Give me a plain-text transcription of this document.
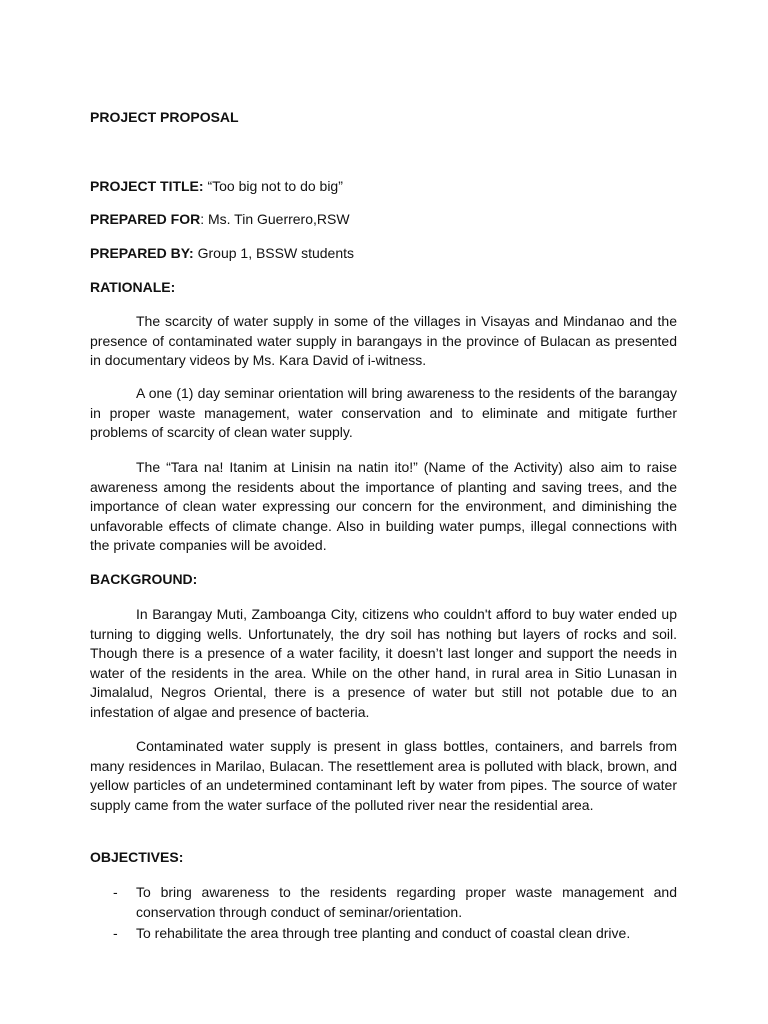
PROJECT PROPOSAL

PROJECT TITLE: “Too big not to do big”

PREPARED FOR: Ms. Tin Guerrero,RSW

PREPARED BY: Group 1, BSSW students

RATIONALE:

The scarcity of water supply in some of the villages in Visayas and Mindanao and the presence of contaminated water supply in barangays in the province of Bulacan as presented in documentary videos by Ms. Kara David of i-witness.

A one (1) day seminar orientation will bring awareness to the residents of the barangay in proper waste management, water conservation and to eliminate and mitigate further problems of scarcity of clean water supply.

The “Tara na! Itanim at Linisin na natin ito!” (Name of the Activity) also aim to raise awareness among the residents about the importance of planting and saving trees, and the importance of clean water expressing our concern for the environment, and diminishing the unfavorable effects of climate change. Also in building water pumps, illegal connections with the private companies will be avoided.

BACKGROUND:

In Barangay Muti, Zamboanga City, citizens who couldn't afford to buy water ended up turning to digging wells. Unfortunately, the dry soil has nothing but layers of rocks and soil. Though there is a presence of a water facility, it doesn’t last longer and support the needs in water of the residents in the area. While on the other hand, in rural area in Sitio Lunasan in Jimalalud, Negros Oriental, there is a presence of water but still not potable due to an infestation of algae and presence of bacteria.

Contaminated water supply is present in glass bottles, containers, and barrels from many residences in Marilao, Bulacan. The resettlement area is polluted with black, brown, and yellow particles of an undetermined contaminant left by water from pipes. The source of water supply came from the water surface of the polluted river near the residential area.

OBJECTIVES:

- To bring awareness to the residents regarding proper waste management and conservation through conduct of seminar/orientation.
- To rehabilitate the area through tree planting and conduct of coastal clean drive.
